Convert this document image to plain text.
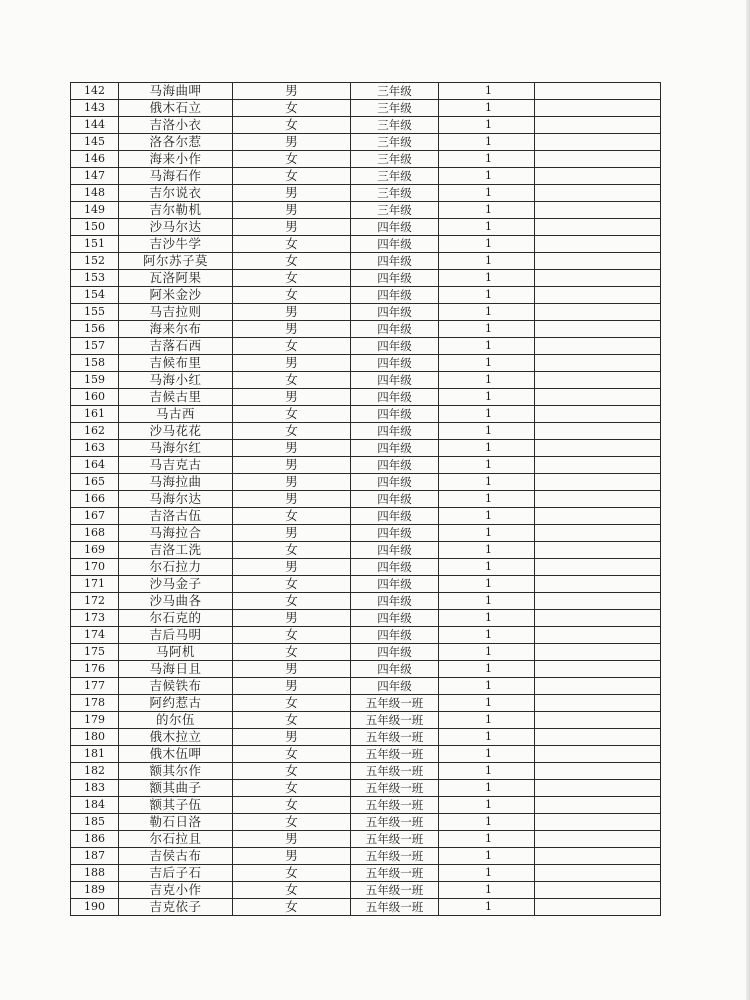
142	马海曲呷	男	三年级	1	
143	俄木石立	女	三年级	1	
144	吉洛小衣	女	三年级	1	
145	洛各尔惹	男	三年级	1	
146	海来小作	女	三年级	1	
147	马海石作	女	三年级	1	
148	吉尔说衣	男	三年级	1	
149	吉尔勒机	男	三年级	1	
150	沙马尔达	男	四年级	1	
151	吉沙牛学	女	四年级	1	
152	阿尔苏子莫	女	四年级	1	
153	瓦洛阿果	女	四年级	1	
154	阿米金沙	女	四年级	1	
155	马吉拉则	男	四年级	1	
156	海来尔布	男	四年级	1	
157	吉落石西	女	四年级	1	
158	吉候布里	男	四年级	1	
159	马海小红	女	四年级	1	
160	吉候古里	男	四年级	1	
161	马古西	女	四年级	1	
162	沙马花花	女	四年级	1	
163	马海尔红	男	四年级	1	
164	马吉克古	男	四年级	1	
165	马海拉曲	男	四年级	1	
166	马海尔达	男	四年级	1	
167	吉洛古伍	女	四年级	1	
168	马海拉合	男	四年级	1	
169	吉洛工洗	女	四年级	1	
170	尔石拉力	男	四年级	1	
171	沙马金子	女	四年级	1	
172	沙马曲各	女	四年级	1	
173	尔石克的	男	四年级	1	
174	吉后马明	女	四年级	1	
175	马阿机	女	四年级	1	
176	马海日且	男	四年级	1	
177	吉候铁布	男	四年级	1	
178	阿约惹古	女	五年级一班	1	
179	的尔伍	女	五年级一班	1	
180	俄木拉立	男	五年级一班	1	
181	俄木伍呷	女	五年级一班	1	
182	额其尔作	女	五年级一班	1	
183	额其曲子	女	五年级一班	1	
184	额其子伍	女	五年级一班	1	
185	勒石日洛	女	五年级一班	1	
186	尔石拉且	男	五年级一班	1	
187	吉侯古布	男	五年级一班	1	
188	吉后子石	女	五年级一班	1	
189	吉克小作	女	五年级一班	1	
190	吉克依子	女	五年级一班	1	
